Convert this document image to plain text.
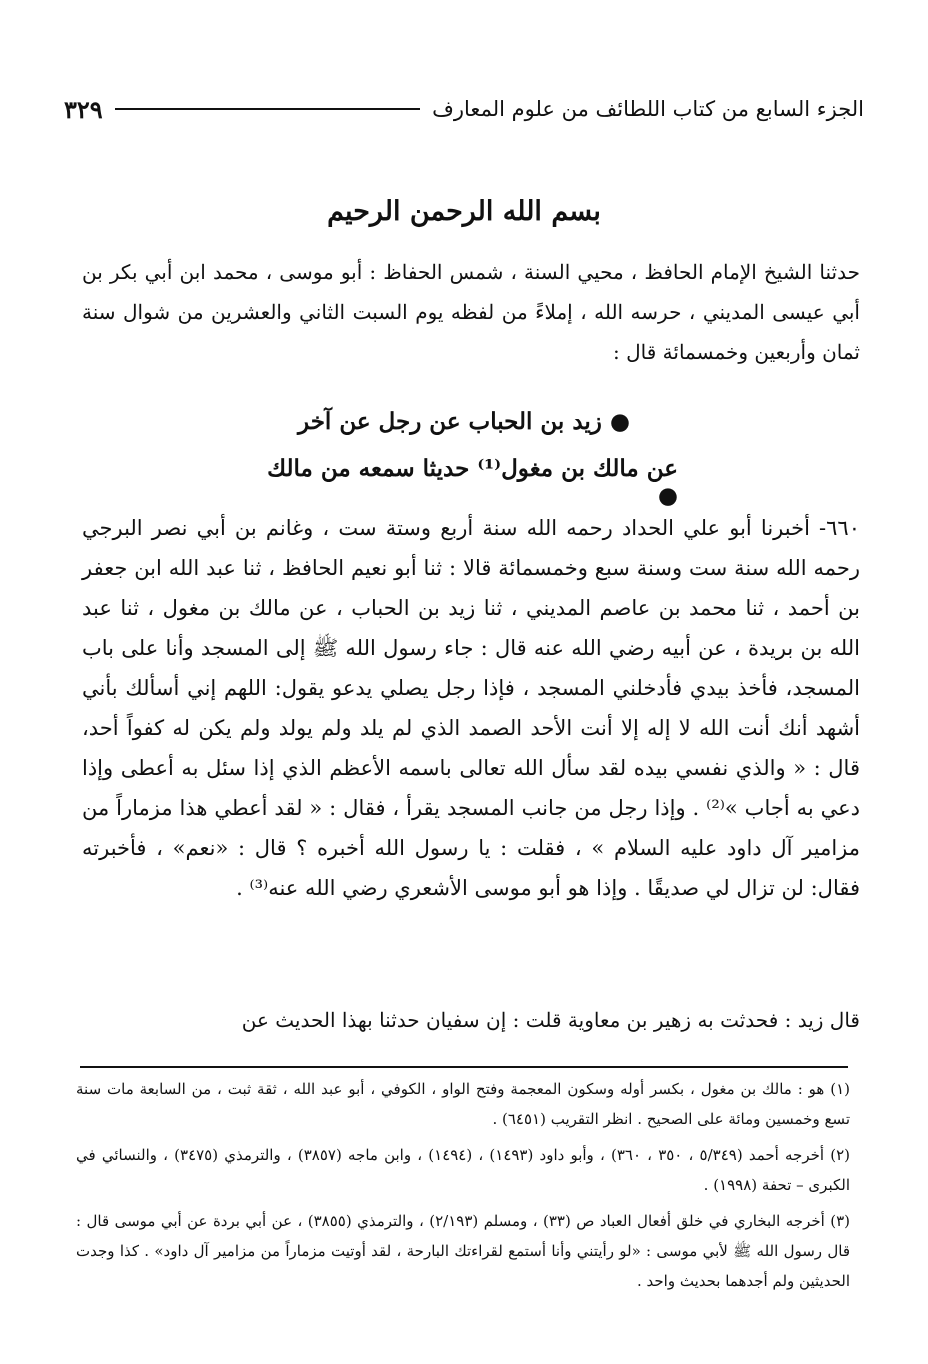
الجزء السابع من كتاب اللطائف من علوم المعارف
٣٢٩
بسم الله الرحمن الرحيم

حدثنا الشيخ الإمام الحافظ ، محيي السنة ، شمس الحفاظ : أبو موسى ، محمد ابن أبي بكر بن أبي عيسى المديني ، حرسه الله ، إملاءً من لفظه يوم السبت الثاني والعشرين من شوال سنة ثمان وأربعين وخمسمائة قال :

● زيد بن الحباب عن رجل عن آخر
عن مالك بن مغول⁽¹⁾ حديثا سمعه من مالك ●

٦٦٠- أخبرنا أبو علي الحداد رحمه الله سنة أربع وستة ست ، وغانم بن أبي نصر البرجي رحمه الله سنة ست وسنة سبع وخمسمائة قالا : ثنا أبو نعيم الحافظ ، ثنا عبد الله ابن جعفر بن أحمد ، ثنا محمد بن عاصم المديني ، ثنا زيد بن الحباب ، عن مالك بن مغول ، ثنا عبد الله بن بريدة ، عن أبيه رضي الله عنه قال : جاء رسول الله ﷺ إلى المسجد وأنا على باب المسجد، فأخذ بيدي فأدخلني المسجد ، فإذا رجل يصلي يدعو يقول: اللهم إني أسألك بأني أشهد أنك أنت الله لا إله إلا أنت الأحد الصمد الذي لم يلد ولم يولد ولم يكن له كفواً أحد، قال : « والذي نفسي بيده لقد سأل الله تعالى باسمه الأعظم الذي إذا سئل به أعطى وإذا دعي به أجاب »⁽²⁾ . وإذا رجل من جانب المسجد يقرأ ، فقال : « لقد أعطي هذا مزماراً من مزامير آل داود عليه السلام » ، فقلت : يا رسول الله أخبره ؟ قال : «نعم» ، فأخبرته فقال: لن تزال لي صديقًا . وإذا هو أبو موسى الأشعري رضي الله عنه⁽³⁾ .

قال زيد : فحدثت به زهير بن معاوية قلت : إن سفيان حدثنا بهذا الحديث عن

(١) هو : مالك بن مغول ، بكسر أوله وسكون المعجمة وفتح الواو ، الكوفي ، أبو عبد الله ، ثقة ثبت ، من السابعة مات سنة تسع وخمسين ومائة على الصحيح . انظر التقريب (٦٤٥١) .

(٢) أخرجه أحمد (٥/٣٤٩ ، ٣٥٠ ، ٣٦٠) ، وأبو داود (١٤٩٣) ، (١٤٩٤) ، وابن ماجه (٣٨٥٧) ، والترمذي (٣٤٧٥) ، والنسائي في الكبرى – تحفة (١٩٩٨) .

(٣) أخرجه البخاري في خلق أفعال العباد ص (٣٣) ، ومسلم (٢/١٩٣) ، والترمذي (٣٨٥٥) ، عن أبي بردة عن أبي موسى قال : قال رسول الله ﷺ لأبي موسى : «لو رأيتني وأنا أستمع لقراءتك البارحة ، لقد أوتيت مزماراً من مزامير آل داود» . كذا وجدت الحديثين ولم أجدهما بحديث واحد .
